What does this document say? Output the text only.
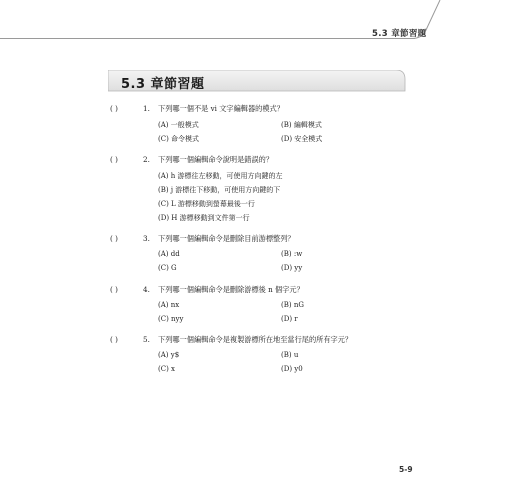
5.3 章節習題
5.3 章節習題
( )	1. 下列哪一個不是 vi 文字編輯器的模式？
(A) 一般模式	(B) 編輯模式
(C) 命令模式	(D) 安全模式
( )	2. 下列哪一個編輯命令說明是錯誤的？
(A) h 游標往左移動，可使用方向鍵的左
(B) j 游標往下移動，可使用方向鍵的下
(C) L 游標移動到螢幕最後一行
(D) H 游標移動到文件第一行
( )	3. 下列哪一個編輯命令是刪除目前游標整列？
(A) dd	(B) :w
(C) G	(D) yy
( )	4. 下列哪一個編輯命令是刪除游標後 n 個字元？
(A) nx	(B) nG
(C) nyy	(D) r
( )	5. 下列哪一個編輯命令是複製游標所在地至當行尾的所有字元？
(A) y$	(B) u
(C) x	(D) y0
5-9
